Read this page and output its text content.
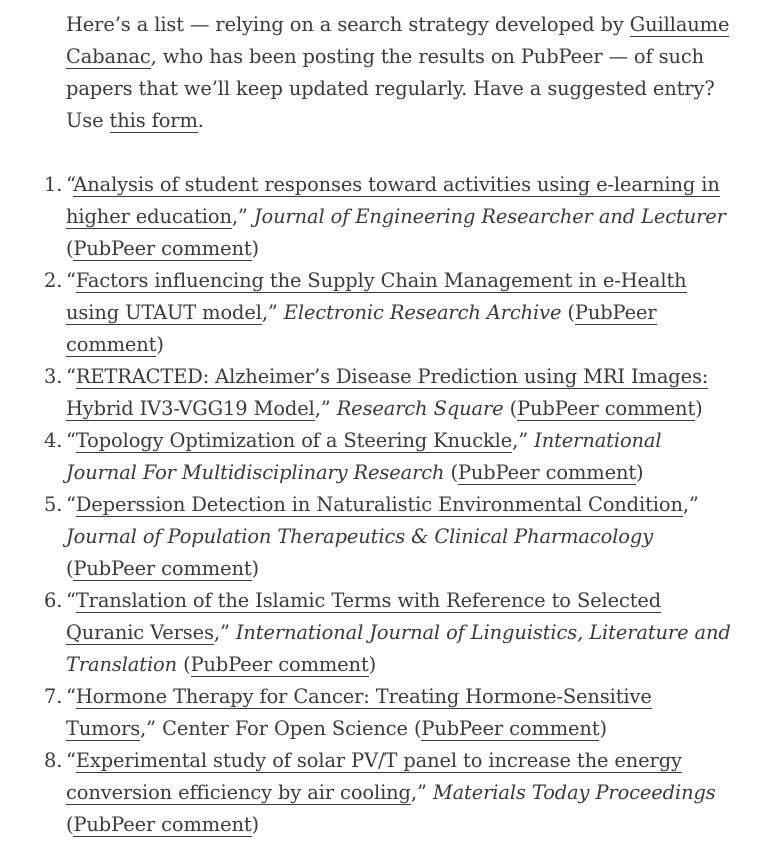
Here’s a list — relying on a search strategy developed by Guillaume Cabanac, who has been posting the results on PubPeer — of such papers that we’ll keep updated regularly. Have a suggested entry? Use this form.

“Analysis of student responses toward activities using e-learning in higher education,” Journal of Engineering Researcher and Lecturer (PubPeer comment)
“Factors influencing the Supply Chain Management in e-Health using UTAUT model,” Electronic Research Archive (PubPeer comment)
“RETRACTED: Alzheimer’s Disease Prediction using MRI Images: Hybrid IV3-VGG19 Model,” Research Square (PubPeer comment)
“Topology Optimization of a Steering Knuckle,” International Journal For Multidisciplinary Research (PubPeer comment)
“Deperssion Detection in Naturalistic Environmental Condition,” Journal of Population Therapeutics & Clinical Pharmacology (PubPeer comment)
“Translation of the Islamic Terms with Reference to Selected Quranic Verses,” International Journal of Linguistics, Literature and Translation (PubPeer comment)
“Hormone Therapy for Cancer: Treating Hormone-Sensitive Tumors,” Center For Open Science (PubPeer comment)
“Experimental study of solar PV/T panel to increase the energy conversion efficiency by air cooling,” Materials Today Proceedings (PubPeer comment)
